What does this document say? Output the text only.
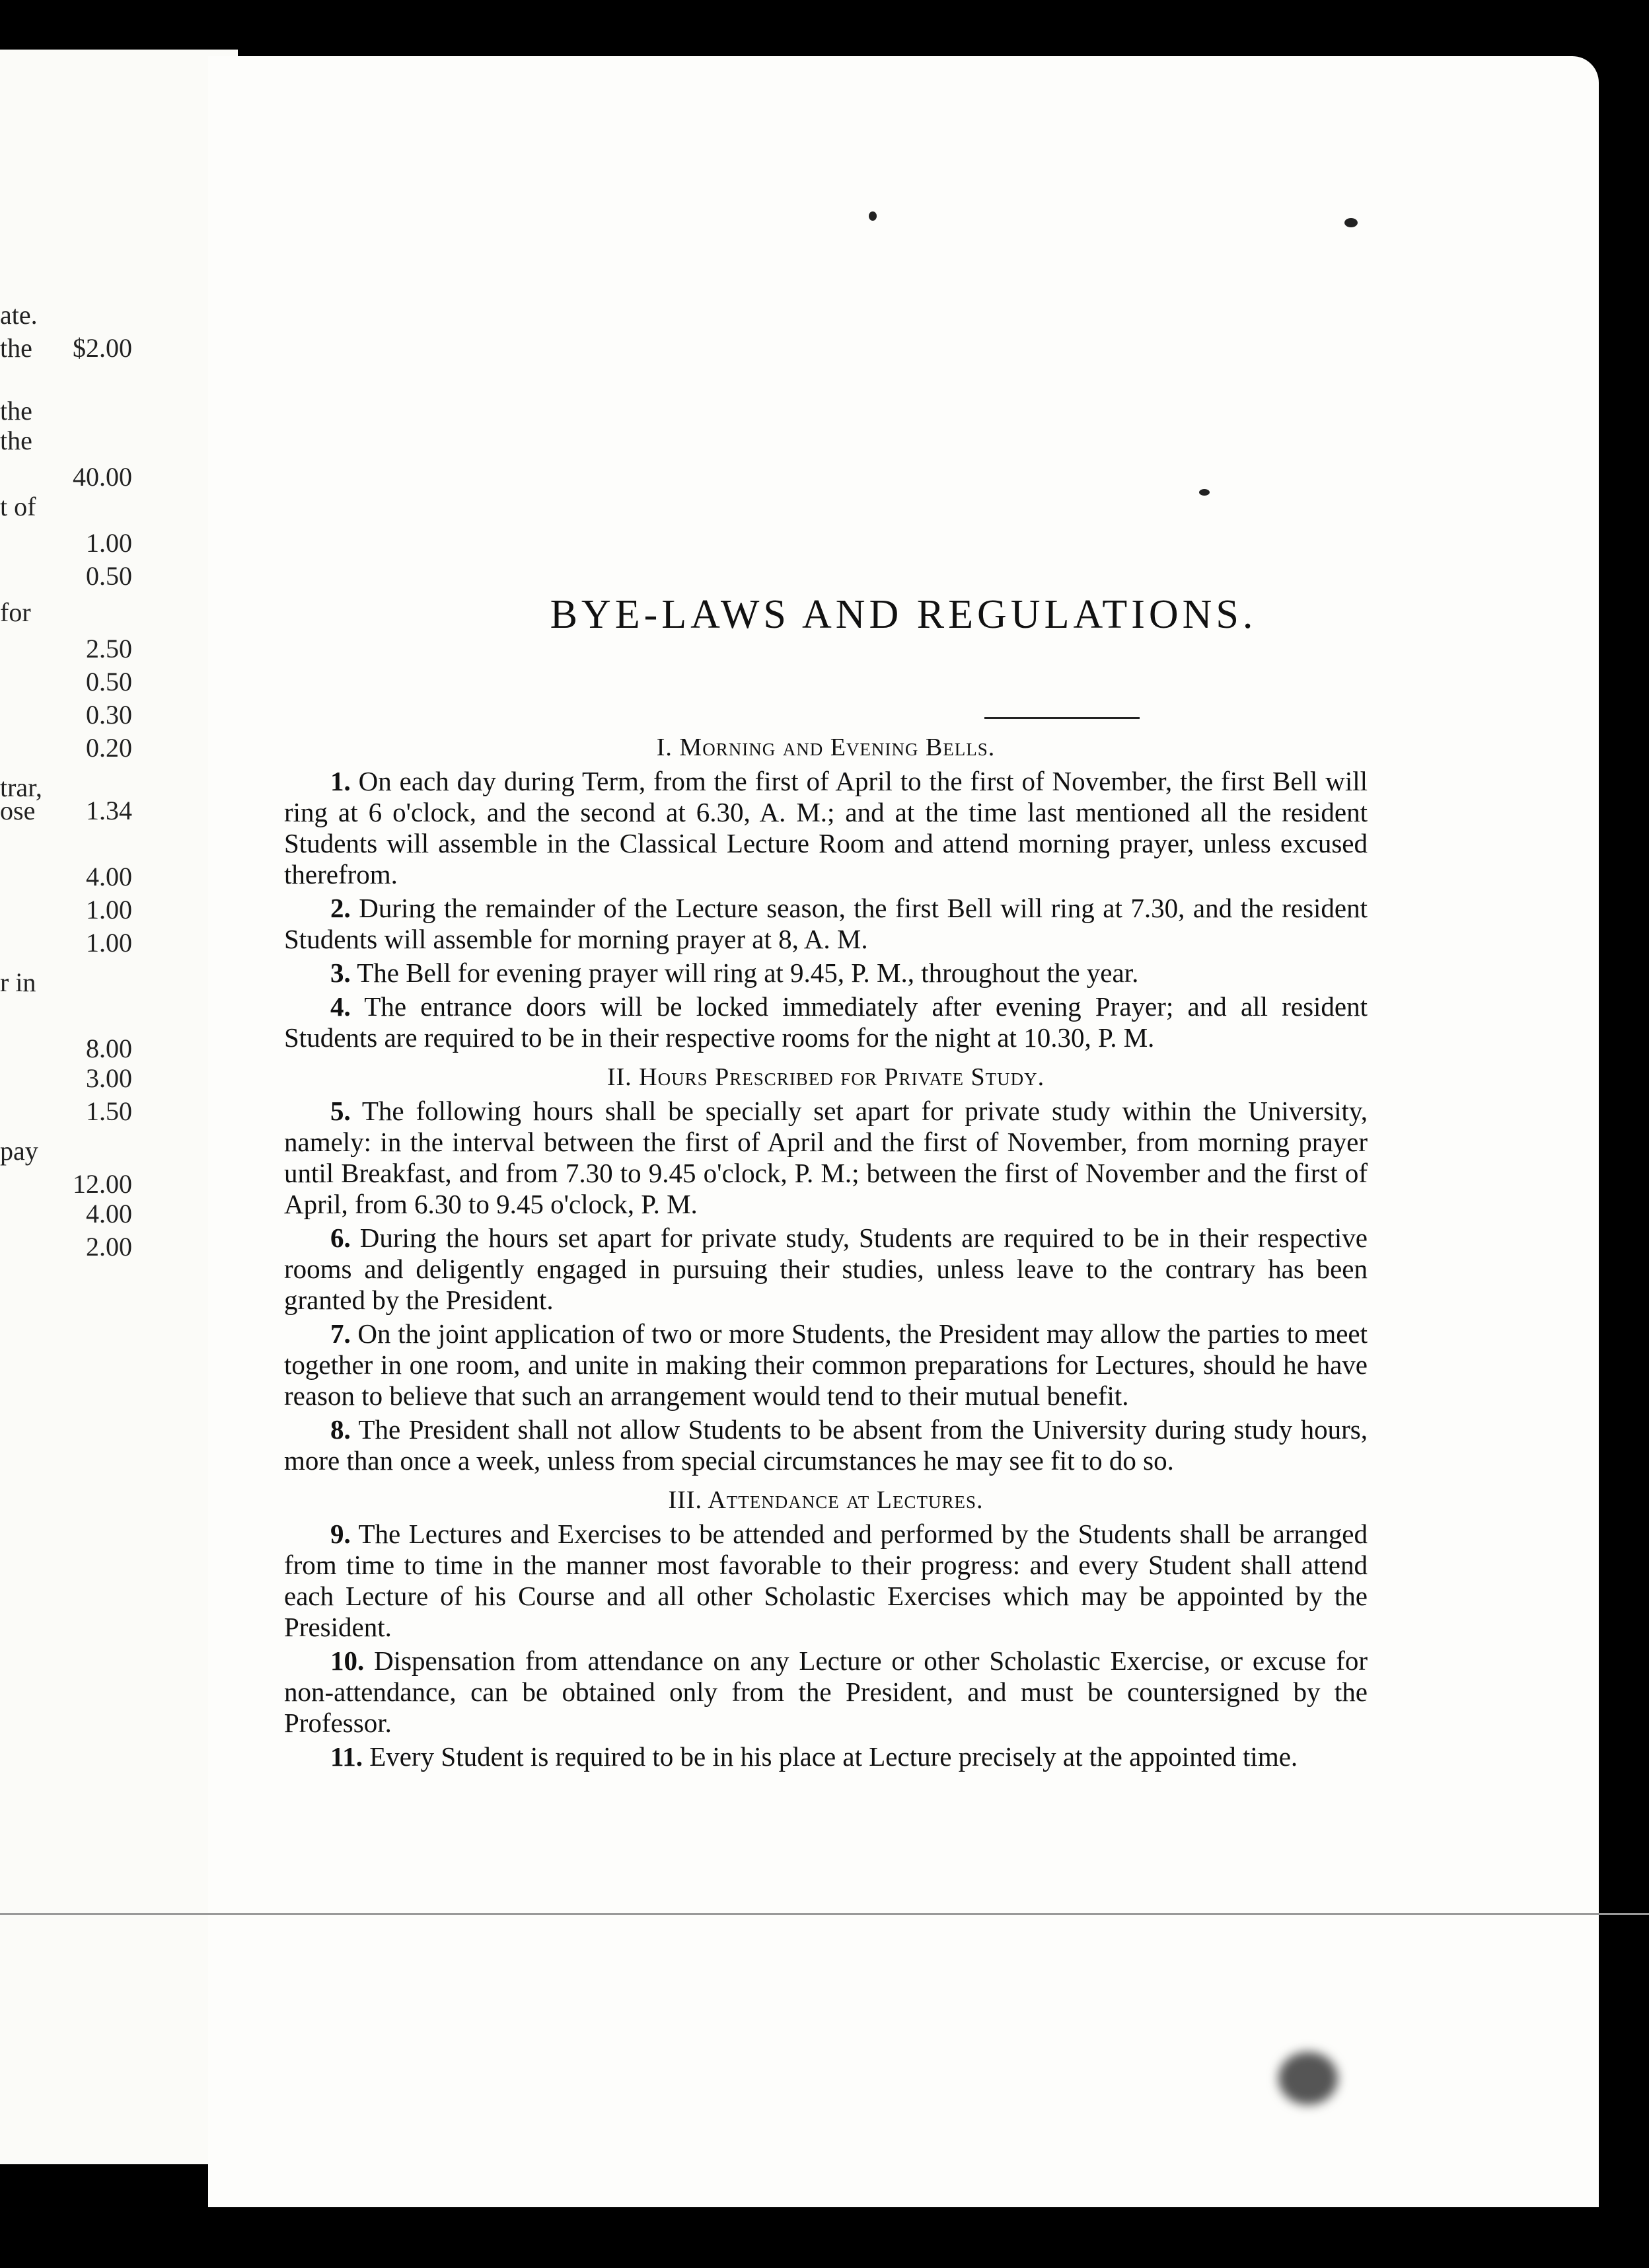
ate.
the	$2.00
the
the
40.00
t of
1.00
0.50
for
2.50
0.50
0.30
0.20
trar,
ose	1.34
4.00
1.00
1.00
r in
8.00
3.00
1.50
pay
12.00
4.00
2.00
BYE-LAWS AND REGULATIONS.
I. Morning and Evening Bells.

1. On each day during Term, from the first of April to the first of November, the first Bell will ring at 6 o'clock, and the second at 6.30, A. M.; and at the time last mentioned all the resident Students will assemble in the Classical Lecture Room and attend morning prayer, unless excused therefrom.

2. During the remainder of the Lecture season, the first Bell will ring at 7.30, and the resident Students will assemble for morning prayer at 8, A. M.

3. The Bell for evening prayer will ring at 9.45, P. M., throughout the year.

4. The entrance doors will be locked immediately after evening Prayer; and all resident Students are required to be in their respective rooms for the night at 10.30, P. M.

II. Hours Prescribed for Private Study.

5. The following hours shall be specially set apart for private study within the University, namely: in the interval between the first of April and the first of November, from morning prayer until Breakfast, and from 7.30 to 9.45 o'clock, P. M.; between the first of November and the first of April, from 6.30 to 9.45 o'clock, P. M.

6. During the hours set apart for private study, Students are required to be in their respective rooms and deligently engaged in pursuing their studies, unless leave to the contrary has been granted by the President.

7. On the joint application of two or more Students, the President may allow the parties to meet together in one room, and unite in making their common preparations for Lectures, should he have reason to believe that such an arrangement would tend to their mutual benefit.

8. The President shall not allow Students to be absent from the University during study hours, more than once a week, unless from special circumstances he may see fit to do so.

III. Attendance at Lectures.

9. The Lectures and Exercises to be attended and performed by the Students shall be arranged from time to time in the manner most favorable to their progress: and every Student shall attend each Lecture of his Course and all other Scholastic Exercises which may be appointed by the President.

10. Dispensation from attendance on any Lecture or other Scholastic Exercise, or excuse for non-attendance, can be obtained only from the President, and must be countersigned by the Professor.

11. Every Student is required to be in his place at Lecture precisely at the appointed time.
